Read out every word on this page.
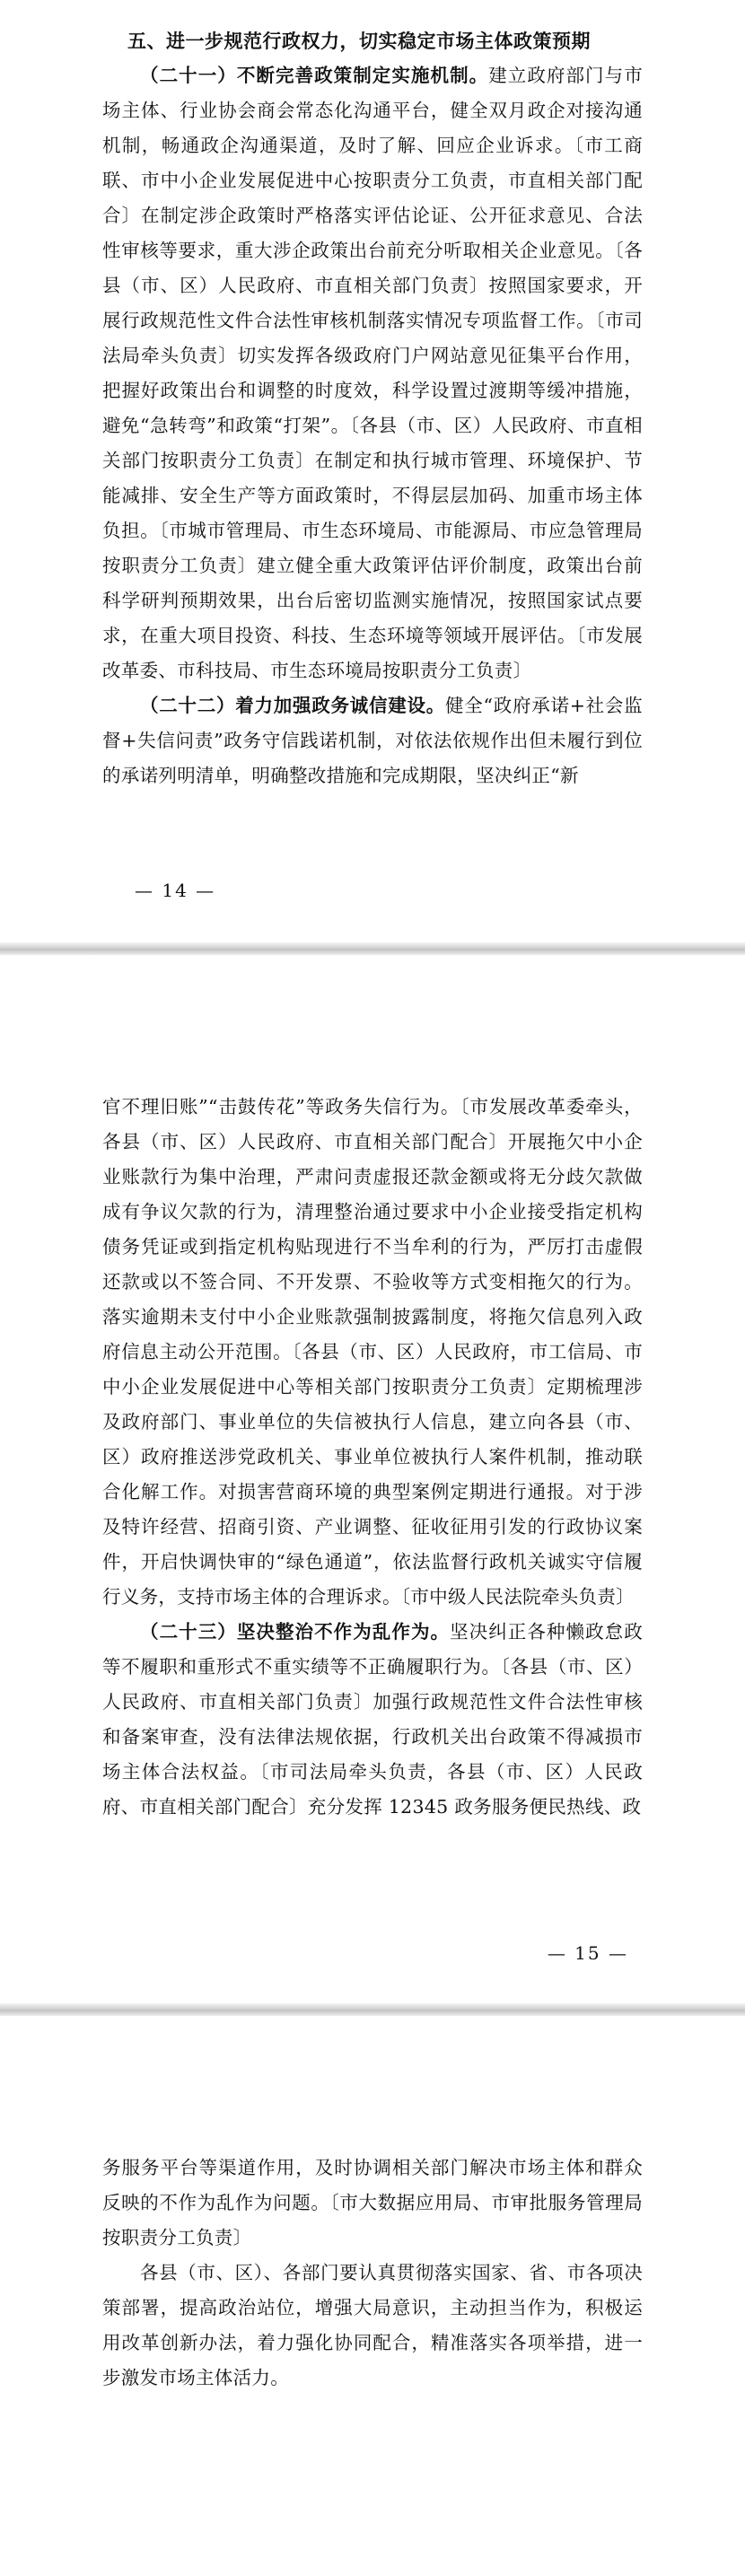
五、进一步规范行政权力，切实稳定市场主体政策预期

（二十一）不断完善政策制定实施机制。建立政府部门与市场主体、行业协会商会常态化沟通平台，健全双月政企对接沟通机制，畅通政企沟通渠道，及时了解、回应企业诉求。〔市工商联、市中小企业发展促进中心按职责分工负责，市直相关部门配合〕在制定涉企政策时严格落实评估论证、公开征求意见、合法性审核等要求，重大涉企政策出台前充分听取相关企业意见。〔各县（市、区）人民政府、市直相关部门负责〕按照国家要求，开展行政规范性文件合法性审核机制落实情况专项监督工作。〔市司法局牵头负责〕切实发挥各级政府门户网站意见征集平台作用，把握好政策出台和调整的时度效，科学设置过渡期等缓冲措施，避免“急转弯”和政策“打架”。〔各县（市、区）人民政府、市直相关部门按职责分工负责〕在制定和执行城市管理、环境保护、节能减排、安全生产等方面政策时，不得层层加码、加重市场主体负担。〔市城市管理局、市生态环境局、市能源局、市应急管理局按职责分工负责〕建立健全重大政策评估评价制度，政策出台前科学研判预期效果，出台后密切监测实施情况，按照国家试点要求，在重大项目投资、科技、生态环境等领域开展评估。〔市发展改革委、市科技局、市生态环境局按职责分工负责〕

（二十二）着力加强政务诚信建设。健全“政府承诺+社会监督+失信问责”政务守信践诺机制，对依法依规作出但未履行到位的承诺列明清单，明确整改措施和完成期限，坚决纠正“新

— 14 —

官不理旧账”“击鼓传花”等政务失信行为。〔市发展改革委牵头，各县（市、区）人民政府、市直相关部门配合〕开展拖欠中小企业账款行为集中治理，严肃问责虚报还款金额或将无分歧欠款做成有争议欠款的行为，清理整治通过要求中小企业接受指定机构债务凭证或到指定机构贴现进行不当牟利的行为，严厉打击虚假还款或以不签合同、不开发票、不验收等方式变相拖欠的行为。落实逾期未支付中小企业账款强制披露制度，将拖欠信息列入政府信息主动公开范围。〔各县（市、区）人民政府，市工信局、市中小企业发展促进中心等相关部门按职责分工负责〕定期梳理涉及政府部门、事业单位的失信被执行人信息，建立向各县（市、区）政府推送涉党政机关、事业单位被执行人案件机制，推动联合化解工作。对损害营商环境的典型案例定期进行通报。对于涉及特许经营、招商引资、产业调整、征收征用引发的行政协议案件，开启快调快审的“绿色通道”，依法监督行政机关诚实守信履行义务，支持市场主体的合理诉求。〔市中级人民法院牵头负责〕

（二十三）坚决整治不作为乱作为。坚决纠正各种懒政怠政等不履职和重形式不重实绩等不正确履职行为。〔各县（市、区）人民政府、市直相关部门负责〕加强行政规范性文件合法性审核和备案审查，没有法律法规依据，行政机关出台政策不得减损市场主体合法权益。〔市司法局牵头负责，各县（市、区）人民政府、市直相关部门配合〕充分发挥 12345 政务服务便民热线、政

— 15 —

务服务平台等渠道作用，及时协调相关部门解决市场主体和群众反映的不作为乱作为问题。〔市大数据应用局、市审批服务管理局按职责分工负责〕

各县（市、区）、各部门要认真贯彻落实国家、省、市各项决策部署，提高政治站位，增强大局意识，主动担当作为，积极运用改革创新办法，着力强化协同配合，精准落实各项举措，进一步激发市场主体活力。
